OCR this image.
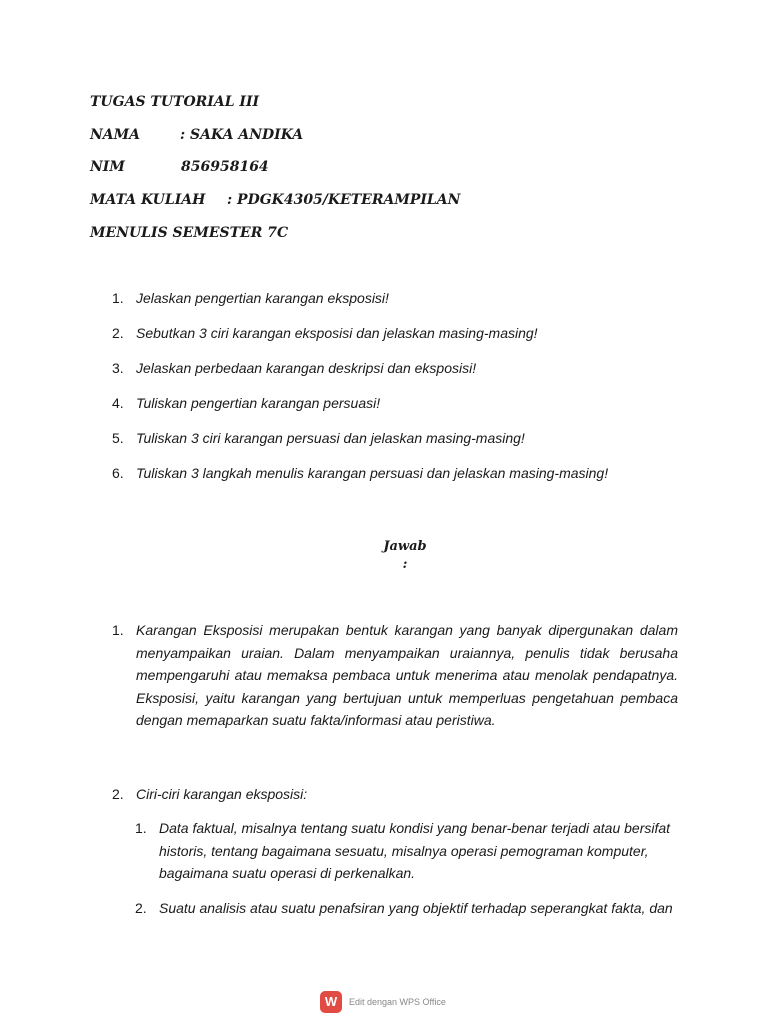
TUGAS TUTORIAL III
NAMA	: SAKA ANDIKA
NIM	856958164
MATA KULIAH : PDGK4305/KETERAMPILAN
MENULIS SEMESTER 7C
1. Jelaskan pengertian karangan eksposisi!
2. Sebutkan 3 ciri karangan eksposisi dan jelaskan masing-masing!
3. Jelaskan perbedaan karangan deskripsi dan eksposisi!
4. Tuliskan pengertian karangan persuasi!
5. Tuliskan 3 ciri karangan persuasi dan jelaskan masing-masing!
6. Tuliskan 3 langkah menulis karangan persuasi dan jelaskan masing-masing!
Jawab
:
1. Karangan Eksposisi merupakan bentuk karangan yang banyak dipergunakan dalam menyampaikan uraian. Dalam menyampaikan uraiannya, penulis tidak berusaha mempengaruhi atau memaksa pembaca untuk menerima atau menolak pendapatnya. Eksposisi, yaitu karangan yang bertujuan untuk memperluas pengetahuan pembaca dengan memaparkan suatu fakta/informasi atau peristiwa.
2. Ciri-ciri karangan eksposisi:
1. Data faktual, misalnya tentang suatu kondisi yang benar-benar terjadi atau bersifat historis, tentang bagaimana sesuatu, misalnya operasi pemograman komputer, bagaimana suatu operasi di perkenalkan.
2. Suatu analisis atau suatu penafsiran yang objektif terhadap seperangkat fakta, dan
W	Edit dengan WPS Office
